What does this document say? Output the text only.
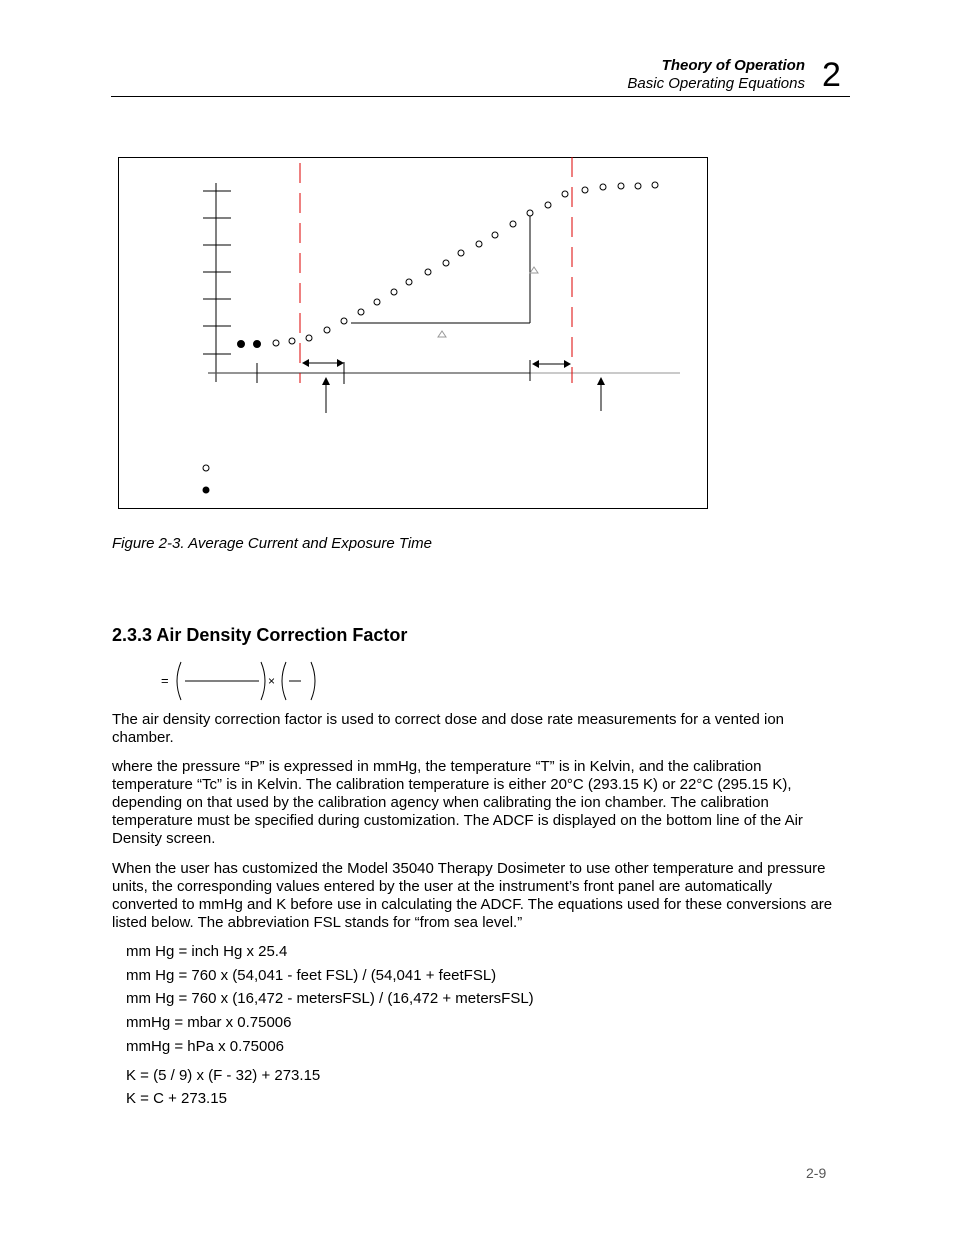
Theory of Operation
Basic Operating Equations 2
Figure 2-3. Average Current and Exposure Time
2.3.3 Air Density Correction Factor
=	×
The air density correction factor is used to correct dose and dose rate measurements for a vented ion chamber.
where the pressure “P” is expressed in mmHg, the temperature “T” is in Kelvin, and the calibration temperature “Tc” is in Kelvin. The calibration temperature is either 20°C (293.15 K) or 22°C (295.15 K), depending on that used by the calibration agency when calibrating the ion chamber. The calibration temperature must be specified during customization. The ADCF is displayed on the bottom line of the Air Density screen.
When the user has customized the Model 35040 Therapy Dosimeter to use other temperature and pressure units, the corresponding values entered by the user at the instrument’s front panel are automatically converted to mmHg and K before use in calculating the ADCF. The equations used for these conversions are listed below. The abbreviation FSL stands for “from sea level.”
mm Hg = inch Hg x 25.4
mm Hg = 760 x (54,041 - feet FSL) / (54,041 + feetFSL)
mm Hg = 760 x (16,472 - metersFSL) / (16,472 + metersFSL)
mmHg = mbar x 0.75006
mmHg = hPa x 0.75006
K = (5 / 9) x (F - 32) + 273.15
K = C + 273.15
2-9
